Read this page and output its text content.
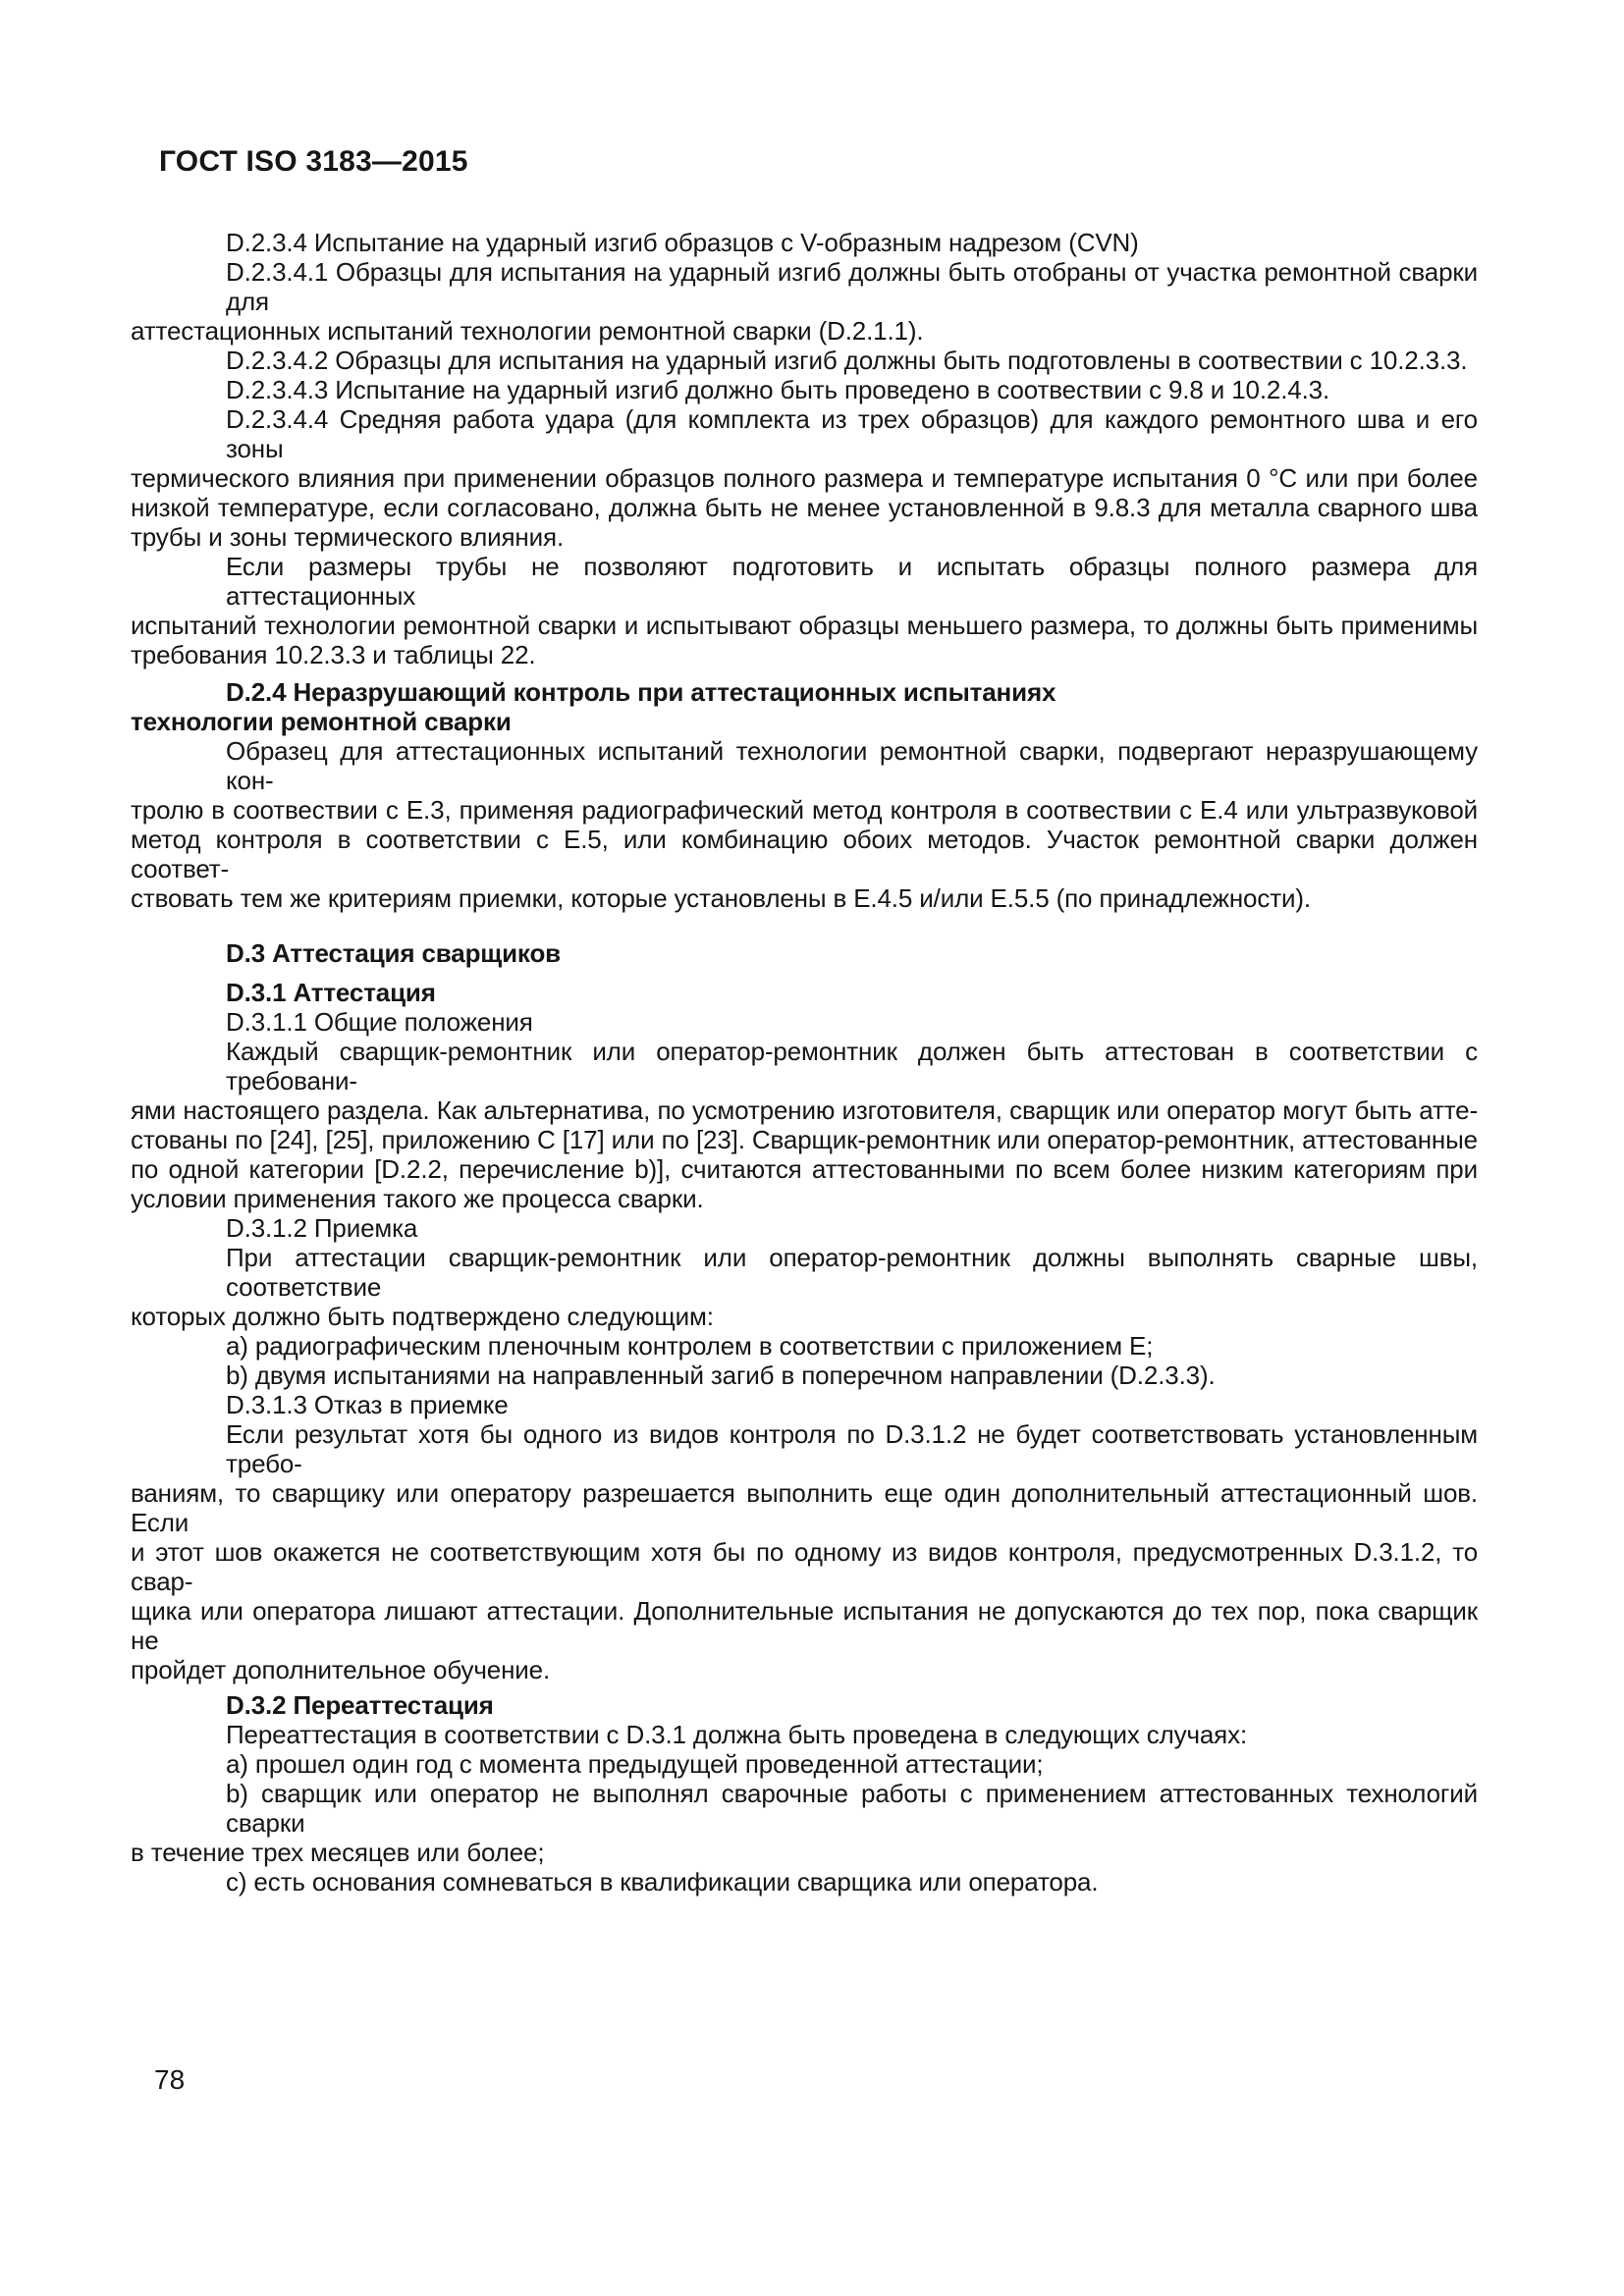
ГОСТ ISO 3183—2015
D.2.3.4 Испытание на ударный изгиб образцов с V-образным надрезом (CVN)
D.2.3.4.1 Образцы для испытания на ударный изгиб должны быть отобраны от участка ремонтной сварки для
аттестационных испытаний технологии ремонтной сварки (D.2.1.1).
D.2.3.4.2 Образцы для испытания на ударный изгиб должны быть подготовлены в соотвествии с 10.2.3.3.
D.2.3.4.3 Испытание на ударный изгиб должно быть проведено в соотвествии с 9.8 и 10.2.4.3.
D.2.3.4.4 Средняя работа удара (для комплекта из трех образцов) для каждого ремонтного шва и его зоны
термического влияния при применении образцов полного размера и температуре испытания 0 °С или при более
низкой температуре, если согласовано, должна быть не менее установленной в 9.8.3 для металла сварного шва
трубы и зоны термического влияния.
Если размеры трубы не позволяют подготовить и испытать образцы полного размера для аттестационных
испытаний технологии ремонтной сварки и испытывают образцы меньшего размера, то должны быть применимы
требования 10.2.3.3 и таблицы 22.
D.2.4 Неразрушающий контроль при аттестационных испытаниях
технологии ремонтной сварки
Образец для аттестационных испытаний технологии ремонтной сварки, подвергают неразрушающему кон-
тролю в соотвествии с Е.3, применяя радиографический метод контроля в соотвествии с Е.4 или ультразвуковой
метод контроля в соответствии с Е.5, или комбинацию обоих методов. Участок ремонтной сварки должен соответ-
ствовать тем же критериям приемки, которые установлены в Е.4.5 и/или Е.5.5 (по принадлежности).
D.3 Аттестация сварщиков
D.3.1 Аттестация
D.3.1.1 Общие положения
Каждый сварщик-ремонтник или оператор-ремонтник должен быть аттестован в соответствии с требовани-
ями настоящего раздела. Как альтернатива, по усмотрению изготовителя, сварщик или оператор могут быть атте-
стованы по [24], [25], приложению С [17] или по [23]. Сварщик-ремонтник или оператор-ремонтник, аттестованные
по одной категории [D.2.2, перечисление b)], считаются аттестованными по всем более низким категориям при
условии применения такого же процесса сварки.
D.3.1.2 Приемка
При аттестации сварщик-ремонтник или оператор-ремонтник должны выполнять сварные швы, соответствие
которых должно быть подтверждено следующим:
a) радиографическим пленочным контролем в соответствии с приложением Е;
b) двумя испытаниями на направленный загиб в поперечном направлении (D.2.3.3).
D.3.1.3 Отказ в приемке
Если результат хотя бы одного из видов контроля по D.3.1.2 не будет соответствовать установленным требо-
ваниям, то сварщику или оператору разрешается выполнить еще один дополнительный аттестационный шов. Если
и этот шов окажется не соответствующим хотя бы по одному из видов контроля, предусмотренных D.3.1.2, то свар-
щика или оператора лишают аттестации. Дополнительные испытания не допускаются до тех пор, пока сварщик не
пройдет дополнительное обучение.
D.3.2 Переаттестация
Переаттестация в соответствии с D.3.1 должна быть проведена в следующих случаях:
a) прошел один год с момента предыдущей проведенной аттестации;
b) сварщик или оператор не выполнял сварочные работы с применением аттестованных технологий сварки
в течение трех месяцев или более;
c) есть основания сомневаться в квалификации сварщика или оператора.
78
